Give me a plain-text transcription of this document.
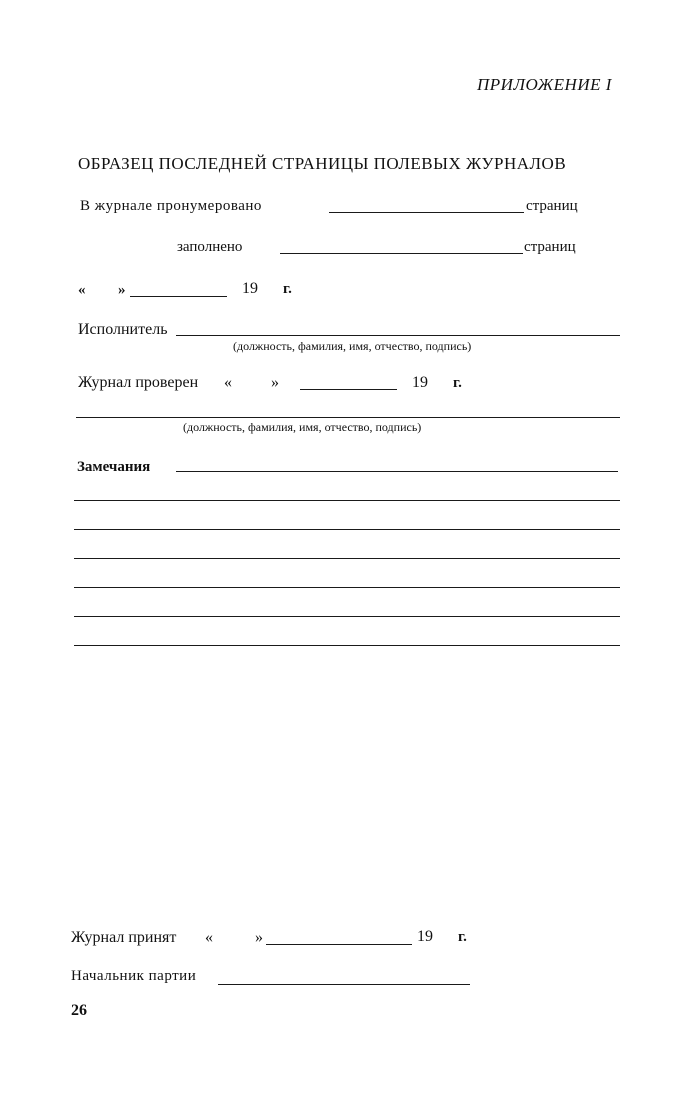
ПРИЛОЖЕНИЕ I
ОБРАЗЕЦ ПОСЛЕДНЕЙ СТРАНИЦЫ ПОЛЕВЫХ ЖУРНАЛОВ
В журнале пронумеровано	страниц
заполнено	страниц
« »	19 г.
Исполнитель
(должность, фамилия, имя, отчество, подпись)
Журнал проверен « »	19 г.
(должность, фамилия, имя, отчество, подпись)
Замечания
Журнал принят «	»	19 г.
Начальник партии
26
